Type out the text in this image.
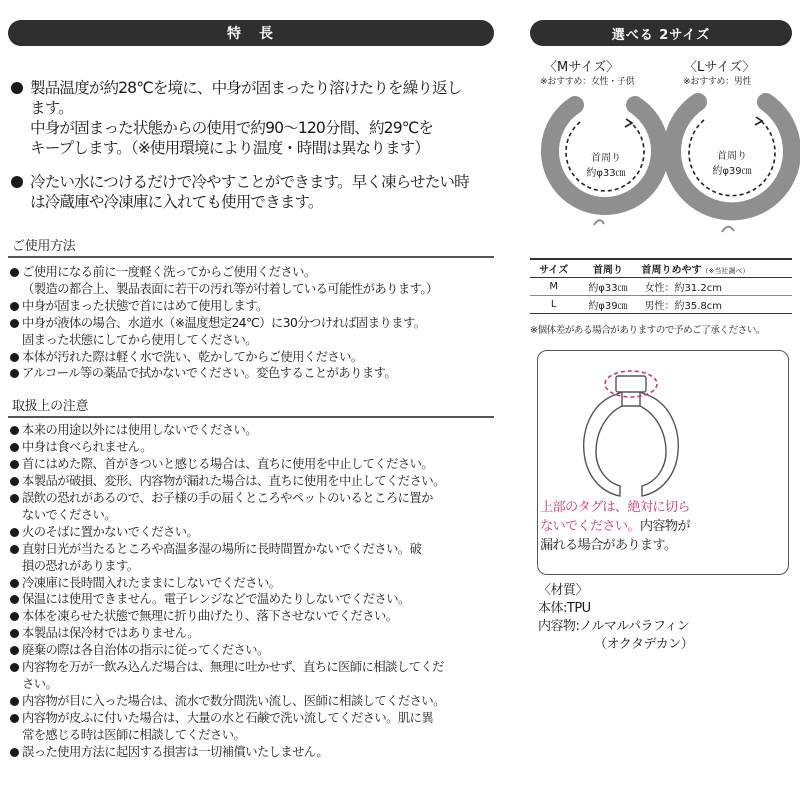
特　長
製品温度が約28℃を境に、中身が固まったり溶けたりを繰り返し
ます。
中身が固まった状態からの使用で約90～120分間、約29℃を
キープします。（※使用環境により温度・時間は異なります）
冷たい水につけるだけで冷やすことができます。早く凍らせたい時
は冷蔵庫や冷凍庫に入れても使用できます。
ご使用方法
ご使用になる前に一度軽く洗ってからご使用ください。
（製造の都合上、製品表面に若干の汚れ等が付着している可能性があります。）
中身が固まった状態で首にはめて使用します。
中身が液体の場合、水道水（※温度想定24℃）に30分つければ固まります。
固まった状態にしてから使用してください。
本体が汚れた際は軽く水で洗い、乾かしてからご使用ください。
アルコール等の薬品で拭かないでください。変色することがあります。
取扱上の注意
本来の用途以外には使用しないでください。
中身は食べられません。
首にはめた際、首がきついと感じる場合は、直ちに使用を中止してください。
本製品が破損、変形、内容物が漏れた場合は、直ちに使用を中止してください。
誤飲の恐れがあるので、お子様の手の届くところやペットのいるところに置か
ないでください。
火のそばに置かないでください。
直射日光が当たるところや高温多湿の場所に長時間置かないでください。破
損の恐れがあります。
冷凍庫に長時間入れたままにしないでください。
保温には使用できません。電子レンジなどで温めたりしないでください。
本体を凍らせた状態で無理に折り曲げたり、落下させないでください。
本製品は保冷材ではありません。
廃棄の際は各自治体の指示に従ってください。
内容物を万が一飲み込んだ場合は、無理に吐かせず、直ちに医師に相談してくだ
さい。
内容物が目に入った場合は、流水で数分間洗い流し、医師に相談してください。
内容物が皮ふに付いた場合は、大量の水と石鹸で洗い流してください。肌に異
常を感じる時は医師に相談してください。
誤った使用方法に起因する損害は一切補償いたしません。
選べる 2サイズ
〈Mサイズ〉
※おすすめ：女性・子供
〈Lサイズ〉
※おすすめ：男性
首周り
約φ33㎝
首周り
約φ39㎝
サイズ	首周り	首周りめやす（※当社調べ）
M	約φ33㎝	女性：約31.2cm
L	約φ39㎝	男性：約35.8cm
※個体差がある場合がありますので予めご了承ください。
上部のタグは、絶対に切ら
ないでください。内容物が
漏れる場合があります。
〈材質〉
本体:TPU
内容物:ノルマルパラフィン
（オクタデカン）
